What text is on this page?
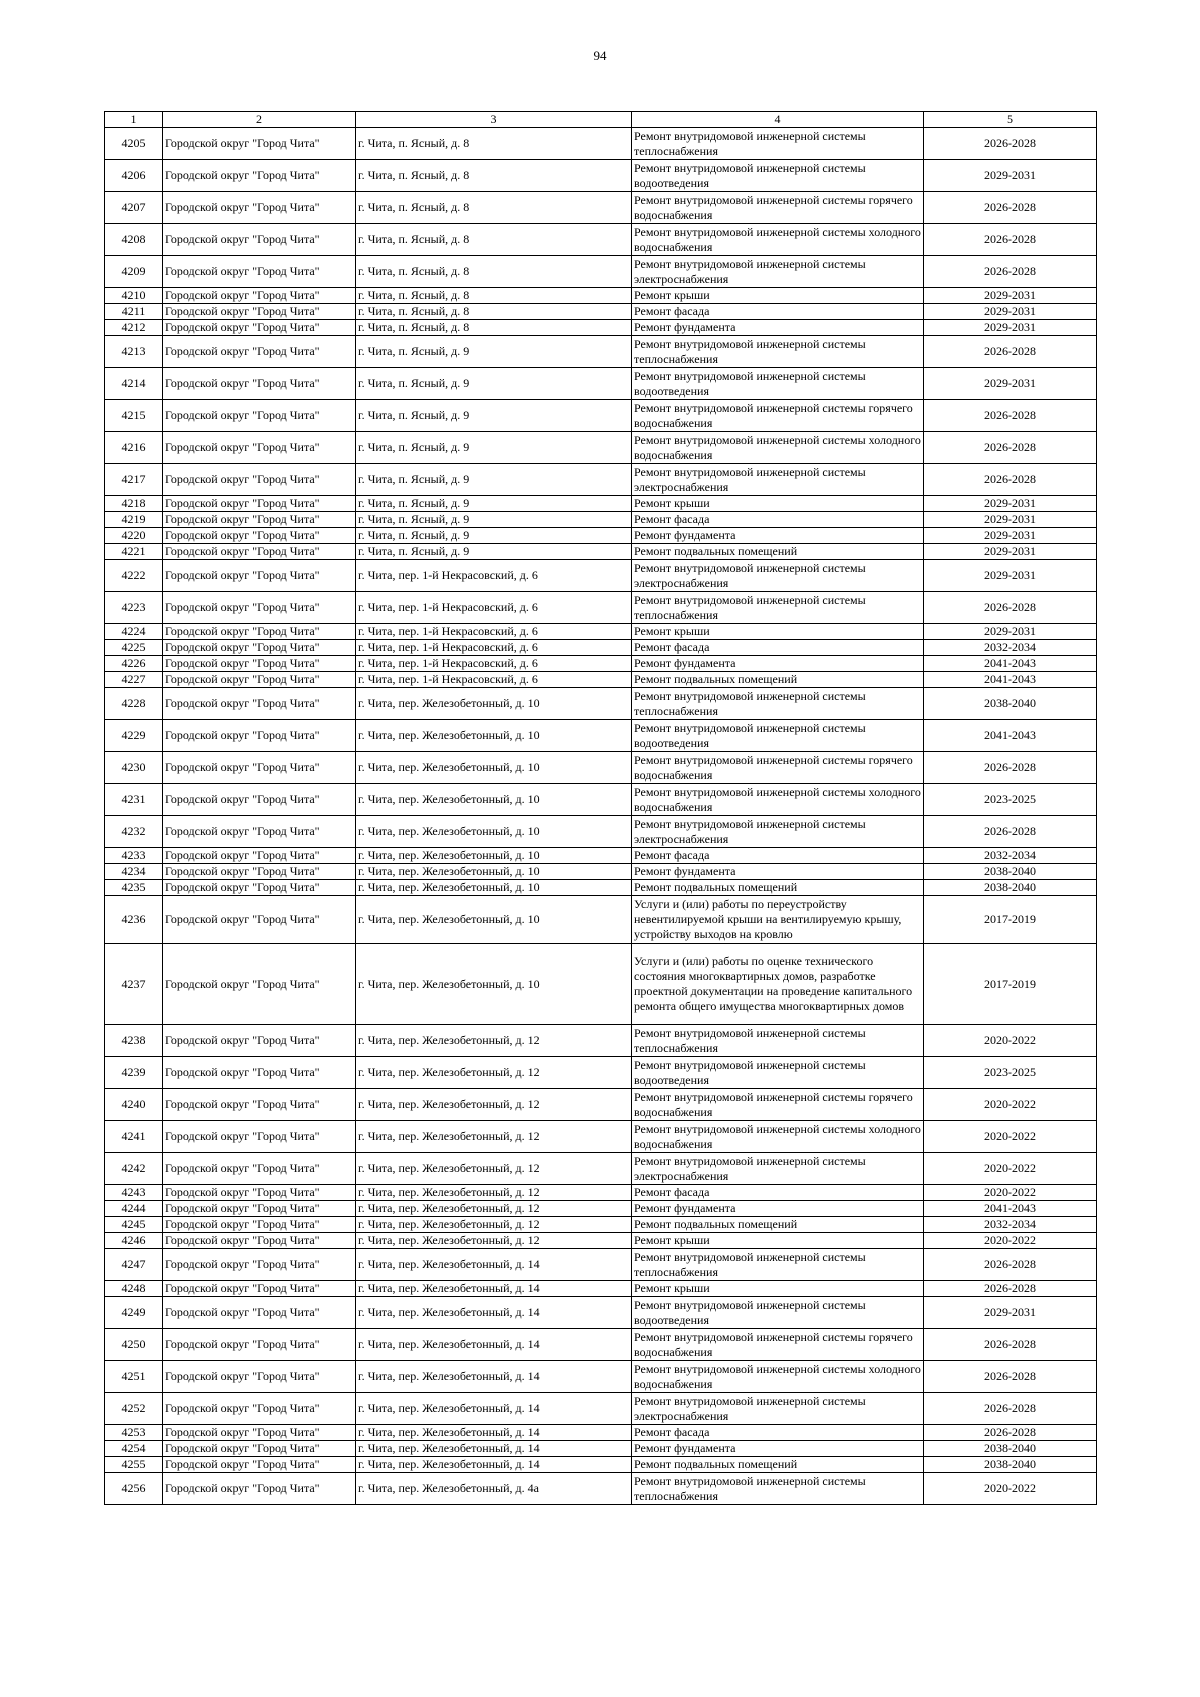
94
1	2	3	4	5
4205	Городской округ "Город Чита"	г. Чита, п. Ясный, д. 8	Ремонт внутридомовой инженерной системы теплоснабжения	2026-2028
4206	Городской округ "Город Чита"	г. Чита, п. Ясный, д. 8	Ремонт внутридомовой инженерной системы водоотведения	2029-2031
4207	Городской округ "Город Чита"	г. Чита, п. Ясный, д. 8	Ремонт внутридомовой инженерной системы горячего водоснабжения	2026-2028
4208	Городской округ "Город Чита"	г. Чита, п. Ясный, д. 8	Ремонт внутридомовой инженерной системы холодного водоснабжения	2026-2028
4209	Городской округ "Город Чита"	г. Чита, п. Ясный, д. 8	Ремонт внутридомовой инженерной системы электроснабжения	2026-2028
4210	Городской округ "Город Чита"	г. Чита, п. Ясный, д. 8	Ремонт крыши	2029-2031
4211	Городской округ "Город Чита"	г. Чита, п. Ясный, д. 8	Ремонт фасада	2029-2031
4212	Городской округ "Город Чита"	г. Чита, п. Ясный, д. 8	Ремонт фундамента	2029-2031
4213	Городской округ "Город Чита"	г. Чита, п. Ясный, д. 9	Ремонт внутридомовой инженерной системы теплоснабжения	2026-2028
4214	Городской округ "Город Чита"	г. Чита, п. Ясный, д. 9	Ремонт внутридомовой инженерной системы водоотведения	2029-2031
4215	Городской округ "Город Чита"	г. Чита, п. Ясный, д. 9	Ремонт внутридомовой инженерной системы горячего водоснабжения	2026-2028
4216	Городской округ "Город Чита"	г. Чита, п. Ясный, д. 9	Ремонт внутридомовой инженерной системы холодного водоснабжения	2026-2028
4217	Городской округ "Город Чита"	г. Чита, п. Ясный, д. 9	Ремонт внутридомовой инженерной системы электроснабжения	2026-2028
4218	Городской округ "Город Чита"	г. Чита, п. Ясный, д. 9	Ремонт крыши	2029-2031
4219	Городской округ "Город Чита"	г. Чита, п. Ясный, д. 9	Ремонт фасада	2029-2031
4220	Городской округ "Город Чита"	г. Чита, п. Ясный, д. 9	Ремонт фундамента	2029-2031
4221	Городской округ "Город Чита"	г. Чита, п. Ясный, д. 9	Ремонт подвальных помещений	2029-2031
4222	Городской округ "Город Чита"	г. Чита, пер. 1-й Некрасовский, д. 6	Ремонт внутридомовой инженерной системы электроснабжения	2029-2031
4223	Городской округ "Город Чита"	г. Чита, пер. 1-й Некрасовский, д. 6	Ремонт внутридомовой инженерной системы теплоснабжения	2026-2028
4224	Городской округ "Город Чита"	г. Чита, пер. 1-й Некрасовский, д. 6	Ремонт крыши	2029-2031
4225	Городской округ "Город Чита"	г. Чита, пер. 1-й Некрасовский, д. 6	Ремонт фасада	2032-2034
4226	Городской округ "Город Чита"	г. Чита, пер. 1-й Некрасовский, д. 6	Ремонт фундамента	2041-2043
4227	Городской округ "Город Чита"	г. Чита, пер. 1-й Некрасовский, д. 6	Ремонт подвальных помещений	2041-2043
4228	Городской округ "Город Чита"	г. Чита, пер. Железобетонный, д. 10	Ремонт внутридомовой инженерной системы теплоснабжения	2038-2040
4229	Городской округ "Город Чита"	г. Чита, пер. Железобетонный, д. 10	Ремонт внутридомовой инженерной системы водоотведения	2041-2043
4230	Городской округ "Город Чита"	г. Чита, пер. Железобетонный, д. 10	Ремонт внутридомовой инженерной системы горячего водоснабжения	2026-2028
4231	Городской округ "Город Чита"	г. Чита, пер. Железобетонный, д. 10	Ремонт внутридомовой инженерной системы холодного водоснабжения	2023-2025
4232	Городской округ "Город Чита"	г. Чита, пер. Железобетонный, д. 10	Ремонт внутридомовой инженерной системы электроснабжения	2026-2028
4233	Городской округ "Город Чита"	г. Чита, пер. Железобетонный, д. 10	Ремонт фасада	2032-2034
4234	Городской округ "Город Чита"	г. Чита, пер. Железобетонный, д. 10	Ремонт фундамента	2038-2040
4235	Городской округ "Город Чита"	г. Чита, пер. Железобетонный, д. 10	Ремонт подвальных помещений	2038-2040
4236	Городской округ "Город Чита"	г. Чита, пер. Железобетонный, д. 10	Услуги и (или) работы по переустройству невентилируемой крыши на вентилируемую крышу, устройству выходов на кровлю	2017-2019
4237	Городской округ "Город Чита"	г. Чита, пер. Железобетонный, д. 10	Услуги и (или) работы по оценке технического состояния многоквартирных домов, разработке проектной документации на проведение капитального ремонта общего имущества многоквартирных домов	2017-2019
4238	Городской округ "Город Чита"	г. Чита, пер. Железобетонный, д. 12	Ремонт внутридомовой инженерной системы теплоснабжения	2020-2022
4239	Городской округ "Город Чита"	г. Чита, пер. Железобетонный, д. 12	Ремонт внутридомовой инженерной системы водоотведения	2023-2025
4240	Городской округ "Город Чита"	г. Чита, пер. Железобетонный, д. 12	Ремонт внутридомовой инженерной системы горячего водоснабжения	2020-2022
4241	Городской округ "Город Чита"	г. Чита, пер. Железобетонный, д. 12	Ремонт внутридомовой инженерной системы холодного водоснабжения	2020-2022
4242	Городской округ "Город Чита"	г. Чита, пер. Железобетонный, д. 12	Ремонт внутридомовой инженерной системы электроснабжения	2020-2022
4243	Городской округ "Город Чита"	г. Чита, пер. Железобетонный, д. 12	Ремонт фасада	2020-2022
4244	Городской округ "Город Чита"	г. Чита, пер. Железобетонный, д. 12	Ремонт фундамента	2041-2043
4245	Городской округ "Город Чита"	г. Чита, пер. Железобетонный, д. 12	Ремонт подвальных помещений	2032-2034
4246	Городской округ "Город Чита"	г. Чита, пер. Железобетонный, д. 12	Ремонт крыши	2020-2022
4247	Городской округ "Город Чита"	г. Чита, пер. Железобетонный, д. 14	Ремонт внутридомовой инженерной системы теплоснабжения	2026-2028
4248	Городской округ "Город Чита"	г. Чита, пер. Железобетонный, д. 14	Ремонт крыши	2026-2028
4249	Городской округ "Город Чита"	г. Чита, пер. Железобетонный, д. 14	Ремонт внутридомовой инженерной системы водоотведения	2029-2031
4250	Городской округ "Город Чита"	г. Чита, пер. Железобетонный, д. 14	Ремонт внутридомовой инженерной системы горячего водоснабжения	2026-2028
4251	Городской округ "Город Чита"	г. Чита, пер. Железобетонный, д. 14	Ремонт внутридомовой инженерной системы холодного водоснабжения	2026-2028
4252	Городской округ "Город Чита"	г. Чита, пер. Железобетонный, д. 14	Ремонт внутридомовой инженерной системы электроснабжения	2026-2028
4253	Городской округ "Город Чита"	г. Чита, пер. Железобетонный, д. 14	Ремонт фасада	2026-2028
4254	Городской округ "Город Чита"	г. Чита, пер. Железобетонный, д. 14	Ремонт фундамента	2038-2040
4255	Городской округ "Город Чита"	г. Чита, пер. Железобетонный, д. 14	Ремонт подвальных помещений	2038-2040
4256	Городской округ "Город Чита"	г. Чита, пер. Железобетонный, д. 4а	Ремонт внутридомовой инженерной системы теплоснабжения	2020-2022
